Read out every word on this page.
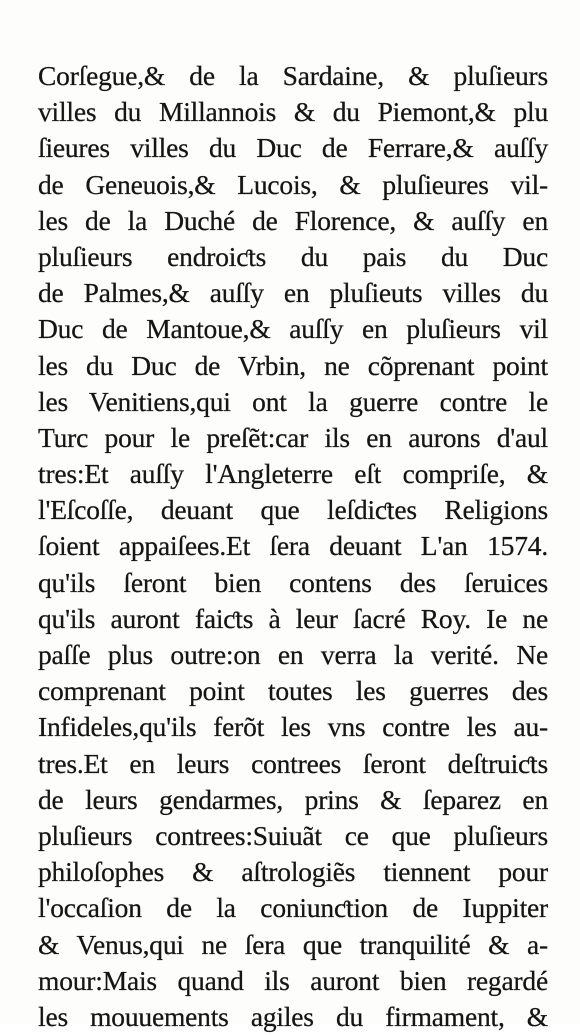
Corſegue,& de la Sardaine, & pluſieurs
villes du Millannois & du Piemont,& plu
ſieures villes du Duc de Ferrare,& auſſy
de Geneuois,& Lucois, & pluſieures vil-
les de la Duché de Florence, & auſſy en
pluſieurs endroiƈts du pais du Duc
de Palmes,& auſſy en pluſieuts villes du
Duc de Mantoue,& auſſy en pluſieurs vil
les du Duc de Vrbin, ne cõprenant point
les Venitiens,qui ont la guerre contre le
Turc pour le preſẽt:car ils en aurons d'aul
tres:Et auſſy l'Angleterre eſt compriſe, &
l'Eſcoſſe, deuant que leſdiƈtes Religions
ſoient appaiſees.Et ſera deuant L'an 1574.
qu'ils ſeront bien contens des ſeruices
qu'ils auront faiƈts à leur ſacré Roy. Ie ne
paſſe plus outre:on en verra la verité. Ne
comprenant point toutes les guerres des
Infideles,qu'ils ferõt les vns contre les au-
tres.Et en leurs contrees ſeront deſtruiƈts
de leurs gendarmes, prins & ſeparez en
pluſieurs contrees:Suiuãt ce que pluſieurs
philoſophes & aſtrologiẽs tiennent pour
l'occaſion de la coniunƈtion de Iuppiter
& Venus,qui ne ſera que tranquilité & a-
mour:Mais quand ils auront bien regardé
les mouuements agiles du firmament, &
